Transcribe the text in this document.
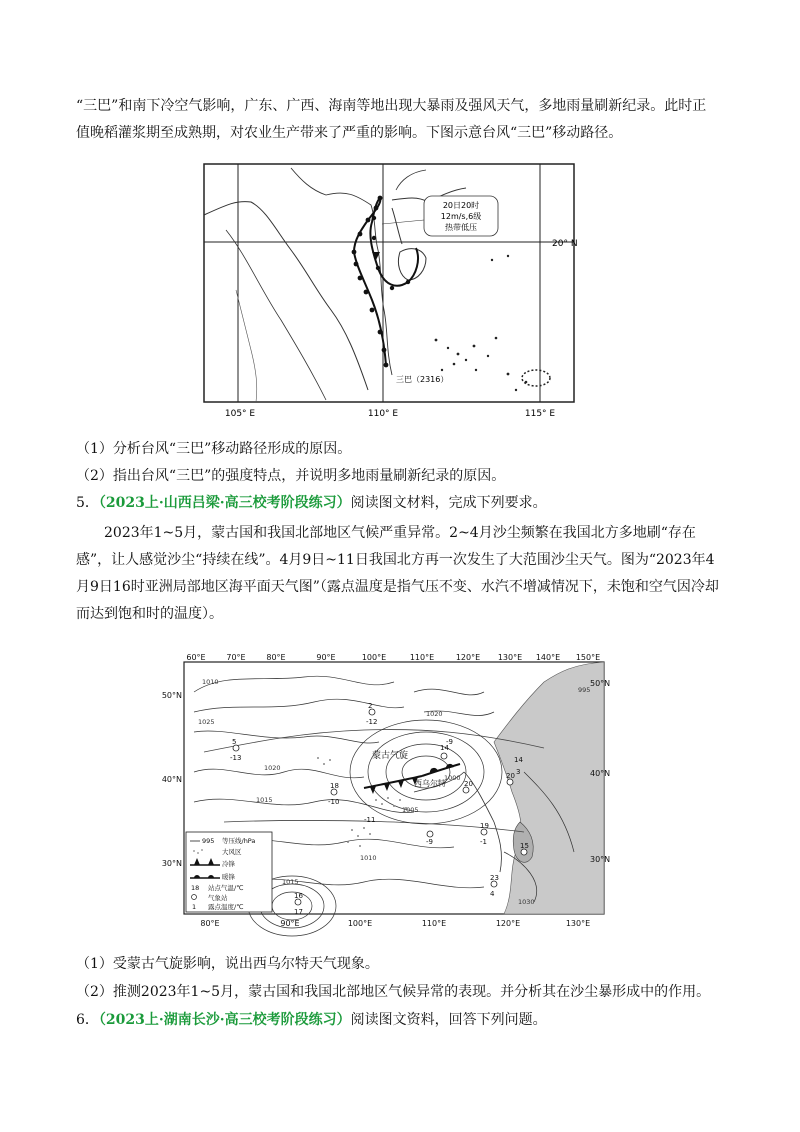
“三巴”和南下冷空气影响，广东、广西、海南等地出现大暴雨及强风天气，多地雨量刷新纪录。此时正

值晚稻灌浆期至成熟期，对农业生产带来了严重的影响。下图示意台风“三巴”移动路径。

20日20时
12m/s,6级
热带低压
20° N
三巴（2316）
105° E	110° E	115° E

（1）分析台风“三巴”移动路径形成的原因。

（2）指出台风“三巴”的强度特点，并说明多地雨量刷新纪录的原因。

5．（2023上·山西吕梁·高三校考阶段练习）阅读图文材料，完成下列要求。

2023年1~5月，蒙古国和我国北部地区气候严重异常。2~4月沙尘频繁在我国北方多地刷“存在感”，让人感觉沙尘“持续在线”。4月9日~11日我国北方再一次发生了大范围沙尘天气。图为“2023年4月9日16时亚洲局部地区海平面天气图”（露点温度是指气压不变、水汽不增减情况下，未饱和空气因冷却而达到饱和时的温度）。

2
-12
5
-13
14
-9
18
-10
20
-9
14
3
19
-1
23
4
16
17
15
20
-11
1010
1025
1020
1015
1005
1000
1010
1015
1020
1030
995
蒙古气旋
西乌尔特
60°E	70°E	80°E	90°E	100°E	110°E	120°E 130°E 140°E 150°E
80°E	90°E	100°E	110°E	120°E	130°E
50°N
40°N
30°N
50°N
40°N
30°N
995 等压线/hPa
大风区
冷锋
暖锋
18 站点气温/℃
气象站
1 露点温度/℃

（1）受蒙古气旋影响，说出西乌尔特天气现象。

（2）推测2023年1~5月，蒙古国和我国北部地区气候异常的表现。并分析其在沙尘暴形成中的作用。

6．（2023上·湖南长沙·高三校考阶段练习）阅读图文资料，回答下列问题。
